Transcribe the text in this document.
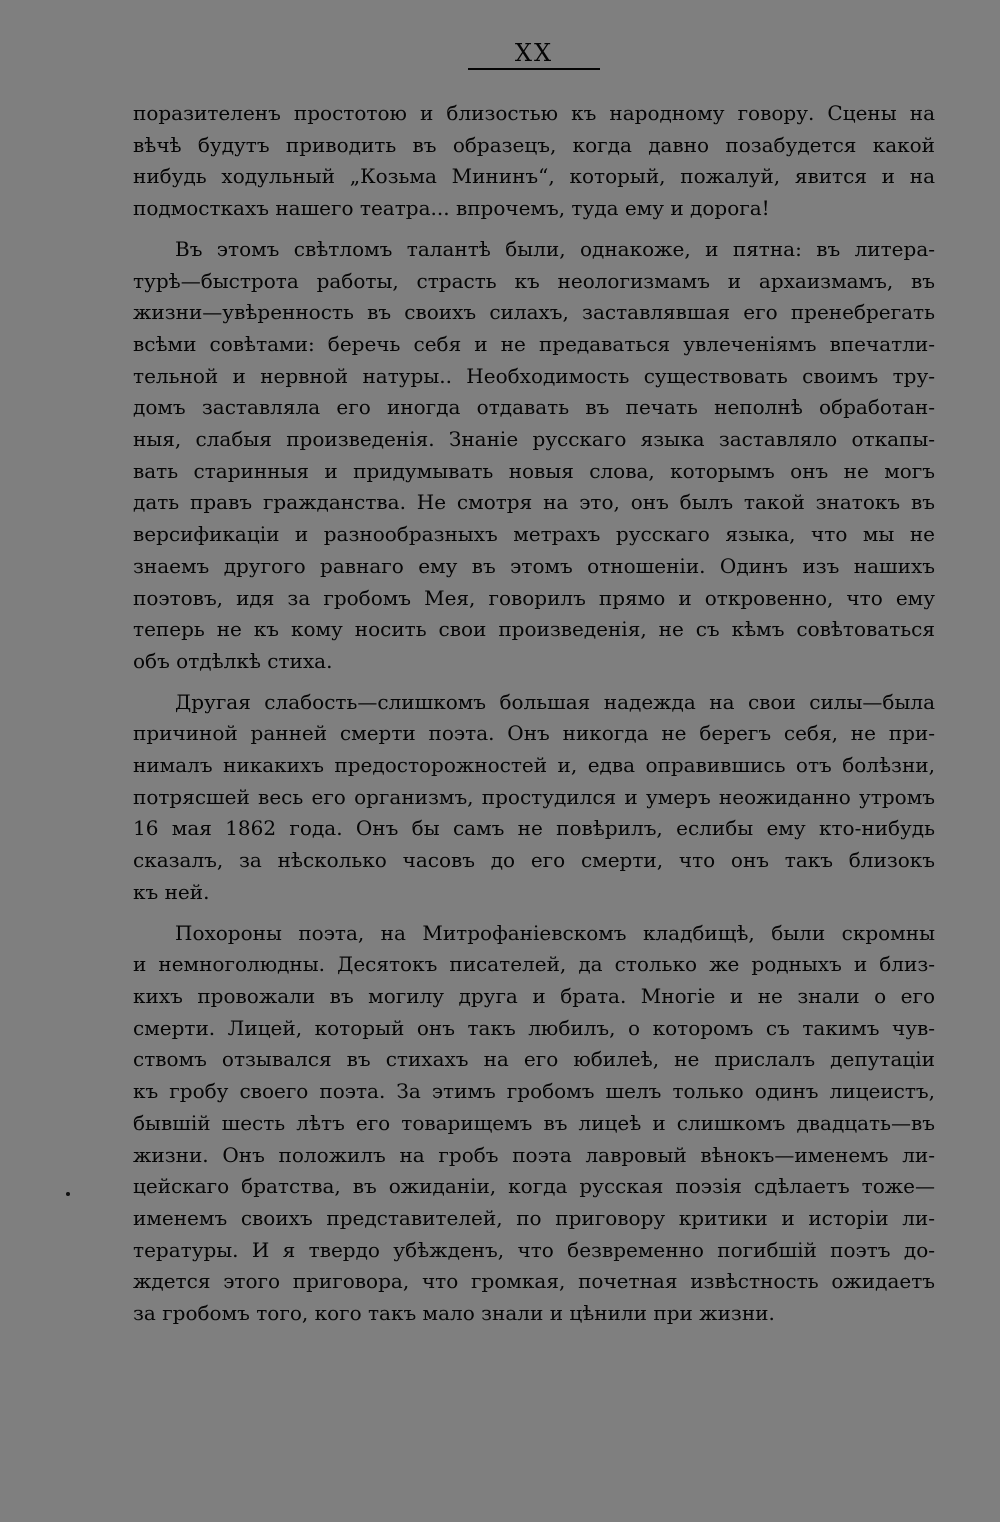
XX

поразителенъ простотою и близостью къ народному говору. Сцены на
вѣчѣ будутъ приводить въ образецъ, когда давно позабудется какой
нибудь ходульный „Козьма Мининъ“, который, пожалуй, явится и на
подмосткахъ нашего театра... впрочемъ, туда ему и дорога!

Въ этомъ свѣтломъ талантѣ были, однакоже, и пятна: въ литера-
турѣ—быстрота работы, страсть къ неологизмамъ и архаизмамъ, въ
жизни—увѣренность въ своихъ силахъ, заставлявшая его пренебрегать
всѣми совѣтами: беречь себя и не предаваться увлеченіямъ впечатли-
тельной и нервной натуры.. Необходимость существовать своимъ тру-
домъ заставляла его иногда отдавать въ печать неполнѣ обработан-
ныя, слабыя произведенія. Знаніе русскаго языка заставляло откапы-
вать старинныя и придумывать новыя слова, которымъ онъ не могъ
дать правъ гражданства. Не смотря на это, онъ былъ такой знатокъ въ
версификаціи и разнообразныхъ метрахъ русскаго языка, что мы не
знаемъ другого равнаго ему въ этомъ отношеніи. Одинъ изъ нашихъ
поэтовъ, идя за гробомъ Мея, говорилъ прямо и откровенно, что ему
теперь не къ кому носить свои произведенія, не съ кѣмъ совѣтоваться
объ отдѣлкѣ стиха.

Другая слабость—слишкомъ большая надежда на свои силы—была
причиной ранней смерти поэта. Онъ никогда не берегъ себя, не при-
нималъ никакихъ предосторожностей и, едва оправившись отъ болѣзни,
потрясшей весь его организмъ, простудился и умеръ неожиданно утромъ
16 мая 1862 года. Онъ бы самъ не повѣрилъ, еслибы ему кто-нибудь
сказалъ, за нѣсколько часовъ до его смерти, что онъ такъ близокъ
къ ней.

Похороны поэта, на Митрофаніевскомъ кладбищѣ, были скромны
и немноголюдны. Десятокъ писателей, да столько же родныхъ и близ-
кихъ провожали въ могилу друга и брата. Многіе и не знали о его
смерти. Лицей, который онъ такъ любилъ, о которомъ съ такимъ чув-
ствомъ отзывался въ стихахъ на его юбилеѣ, не прислалъ депутаціи
къ гробу своего поэта. За этимъ гробомъ шелъ только одинъ лицеистъ,
бывшій шесть лѣтъ его товарищемъ въ лицеѣ и слишкомъ двадцать—въ
жизни. Онъ положилъ на гробъ поэта лавровый вѣнокъ—именемъ ли-
цейскаго братства, въ ожиданіи, когда русская поэзія сдѣлаетъ тоже—
именемъ своихъ представителей, по приговору критики и исторіи ли-
тературы. И я твердо убѣжденъ, что безвременно погибшій поэтъ до-
ждется этого приговора, что громкая, почетная извѣстность ожидаетъ
за гробомъ того, кого такъ мало знали и цѣнили при жизни.
